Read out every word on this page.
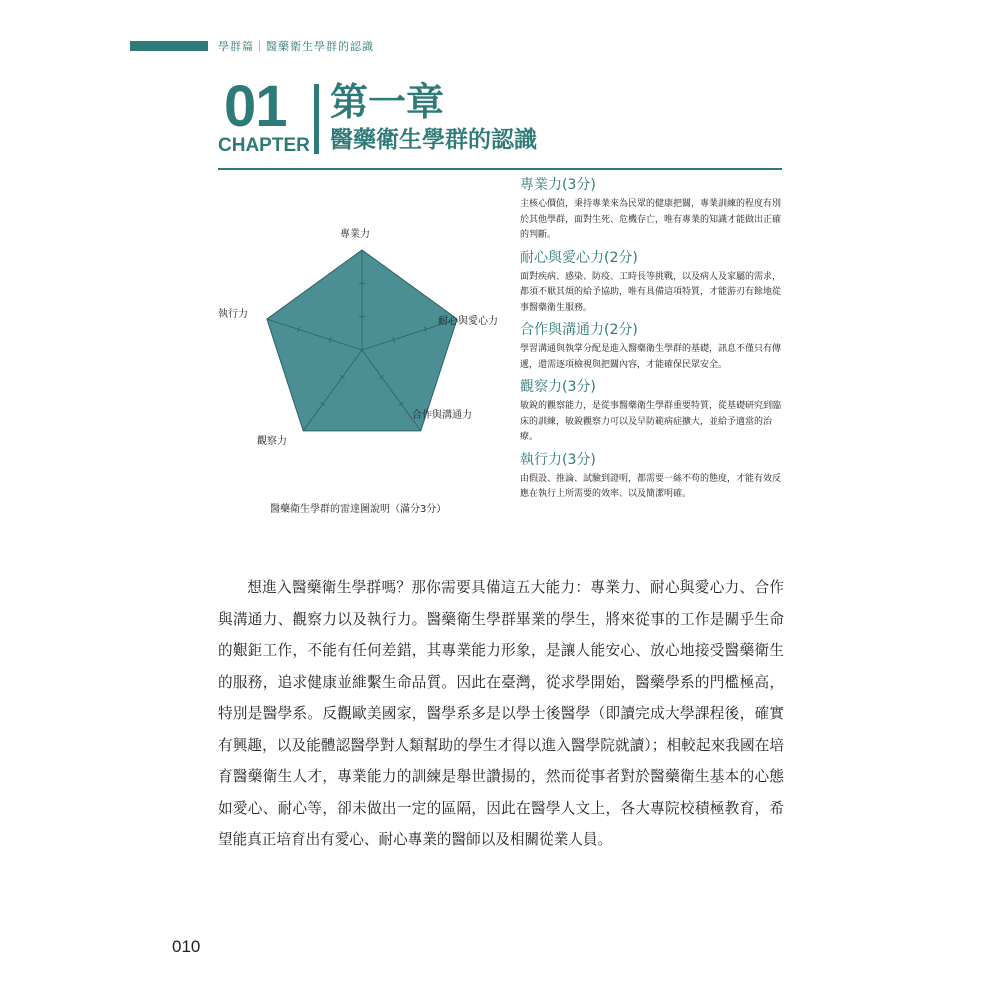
學群篇｜醫藥衛生學群的認識
01
CHAPTER
第一章
醫藥衛生學群的認識
專業力
耐心與愛心力
合作與溝通力
觀察力
執行力
醫藥衛生學群的雷達圖說明（滿分3分）
專業力(3分)

主核心價值，秉持專業來為民眾的健康把關，專業訓練的程度有別於其他學群，面對生死、危機存亡，唯有專業的知識才能做出正確的判斷。

耐心與愛心力(2分)

面對疾病、感染、防疫、工時長等挑戰，以及病人及家屬的需求，都須不厭其煩的給予協助，唯有具備這項特質，才能游刃有餘地從事醫藥衛生服務。

合作與溝通力(2分)

學習溝通與執掌分配是進入醫藥衛生學群的基礎，訊息不僅只有傳遞，還需逐項檢視與把關內容，才能確保民眾安全。

觀察力(3分)

敏銳的觀察能力，是從事醫藥衛生學群重要特質，從基礎研究到臨床的訓練，敏銳觀察力可以及早防範病症擴大，並給予適當的治療。

執行力(3分)

由假設、推論、試驗到證明，都需要一絲不苟的態度，才能有效反應在執行上所需要的效率、以及簡潔明確。

想進入醫藥衛生學群嗎？那你需要具備這五大能力：專業力、耐心與愛心力、合作與溝通力、觀察力以及執行力。醫藥衛生學群畢業的學生，將來從事的工作是關乎生命的艱鉅工作，不能有任何差錯，其專業能力形象，是讓人能安心、放心地接受醫藥衛生的服務，追求健康並維繫生命品質。因此在臺灣，從求學開始，醫藥學系的門檻極高，特別是醫學系。反觀歐美國家，醫學系多是以學士後醫學（即讀完成大學課程後，確實有興趣，以及能體認醫學對人類幫助的學生才得以進入醫學院就讀）；相較起來我國在培育醫藥衛生人才，專業能力的訓練是舉世讚揚的，然而從事者對於醫藥衛生基本的心態如愛心、耐心等，卻未做出一定的區隔，因此在醫學人文上，各大專院校積極教育，希望能真正培育出有愛心、耐心專業的醫師以及相關從業人員。

010
